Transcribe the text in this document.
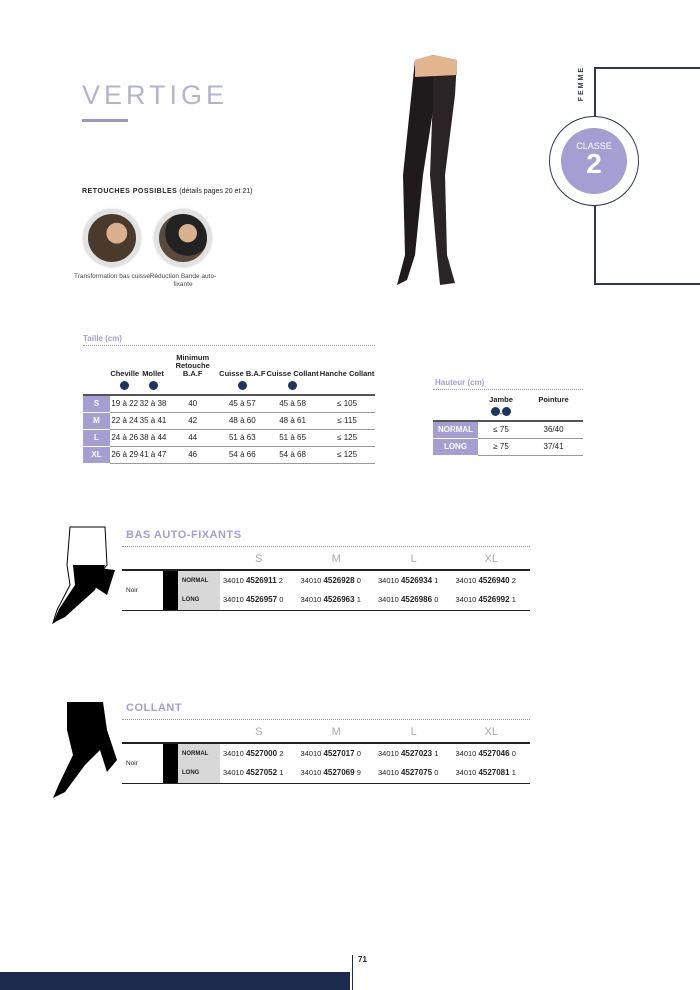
VERTIGE
RETOUCHES POSSIBLES (détails pages 20 et 21)
Transformation bas cuisse Réduction Bande auto-fixante
FEMME
CLASSE
2
Taille (cm)
	Cheville	Mollet	Minimum Retouche B.A.F	Cuisse B.A.F	Cuisse Collant	Hanche Collant

S	19 à 22	32 à 38	40	45 à 57	45 à 58	≤ 105
M	22 à 24	35 à 41	42	48 à 60	48 à 61	≤ 115
L	24 à 26	38 à 44	44	51 à 63	51 à 65	≤ 125
XL	26 à 29	41 à 47	46	54 à 66	54 à 68	≤ 125
Hauteur (cm)
	Jambe	Pointure
	-	
NORMAL	≤ 75	36/40
LONG	≥ 75	37/41
BAS AUTO-FIXANTS
			S	M	L	XL
Noir		NORMAL	34010 4526911 2	34010 4526928 0	34010 4526934 1	34010 4526940 2
		LONG	34010 4526957 0	34010 4526963 1	34010 4526986 0	34010 4526992 1
COLLANT
			S	M	L	XL
Noir		NORMAL	34010 4527000 2	34010 4527017 0	34010 4527023 1	34010 4527046 0
		LONG	34010 4527052 1	34010 4527069 9	34010 4527075 0	34010 4527081 1
71
